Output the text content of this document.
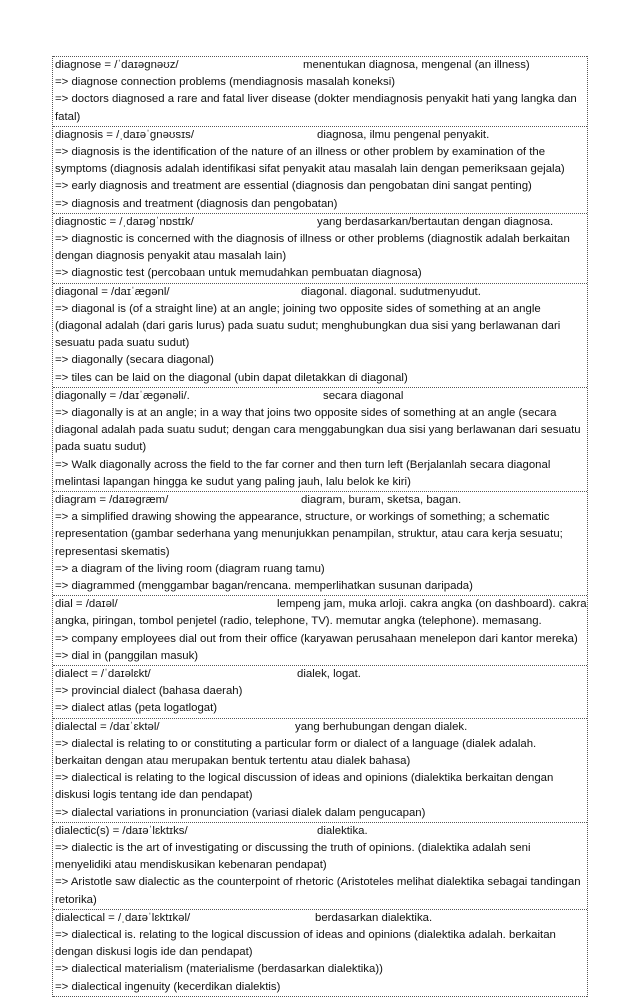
diagnose = /ˈdaɪəgnəʊz/	menentukan diagnosa, mengenal (an illness)
=> diagnose connection problems (mendiagnosis masalah koneksi)
=> doctors diagnosed a rare and fatal liver disease (dokter mendiagnosis penyakit hati yang langka dan fatal)
diagnosis = /ˌdaɪəˈgnəʊsɪs/	diagnosa, ilmu pengenal penyakit.
=> diagnosis is the identification of the nature of an illness or other problem by examination of the symptoms (diagnosis adalah identifikasi sifat penyakit atau masalah lain dengan pemeriksaan gejala)
=> early diagnosis and treatment are essential (diagnosis dan pengobatan dini sangat penting)
=> diagnosis and treatment (diagnosis dan pengobatan)
diagnostic = /ˌdaɪəgˈnɒstɪk/	yang berdasarkan/bertautan dengan diagnosa.
=> diagnostic is concerned with the diagnosis of illness or other problems (diagnostik adalah berkaitan dengan diagnosis penyakit atau masalah lain)
=> diagnostic test (percobaan untuk memudahkan pembuatan diagnosa)
diagonal = /daɪˈægənl/	diagonal. diagonal. sudutmenyudut.
=> diagonal is (of a straight line) at an angle; joining two opposite sides of something at an angle (diagonal adalah (dari garis lurus) pada suatu sudut; menghubungkan dua sisi yang berlawanan dari sesuatu pada suatu sudut)
=> diagonally (secara diagonal)
=> tiles can be laid on the diagonal (ubin dapat diletakkan di diagonal)
diagonally = /daɪˈægənəli/.	secara diagonal
=> diagonally is at an angle; in a way that joins two opposite sides of something at an angle (secara diagonal adalah pada suatu sudut; dengan cara menggabungkan dua sisi yang berlawanan dari sesuatu pada suatu sudut)
=> Walk diagonally across the field to the far corner and then turn left (Berjalanlah secara diagonal melintasi lapangan hingga ke sudut yang paling jauh, lalu belok ke kiri)
diagram = /daɪəgræm/	diagram, buram, sketsa, bagan.
=> a simplified drawing showing the appearance, structure, or workings of something; a schematic representation (gambar sederhana yang menunjukkan penampilan, struktur, atau cara kerja sesuatu; representasi skematis)
=> a diagram of the living room (diagram ruang tamu)
=> diagrammed (menggambar bagan/rencana. memperlihatkan susunan daripada)
dial = /daɪəl/	lempeng jam, muka arloji. cakra angka (on dashboard). cakra
angka, piringan, tombol penjetel (radio, telephone, TV). memutar angka (telephone). memasang.
=> company employees dial out from their office (karyawan perusahaan menelepon dari kantor mereka)
=> dial in (panggilan masuk)
dialect = /ˈdaɪəlɛkt/	dialek, logat.
=> provincial dialect (bahasa daerah)
=> dialect atlas (peta logatlogat)
dialectal = /daɪˈɛktəl/	yang berhubungan dengan dialek.
=> dialectal is relating to or constituting a particular form or dialect of a language (dialek adalah. berkaitan dengan atau merupakan bentuk tertentu atau dialek bahasa)
=> dialectical is relating to the logical discussion of ideas and opinions (dialektika berkaitan dengan diskusi logis tentang ide dan pendapat)
=> dialectal variations in pronunciation (variasi dialek dalam pengucapan)
dialectic(s) = /daɪəˈlɛktɪks/	dialektika.
=> dialectic is the art of investigating or discussing the truth of opinions. (dialektika adalah seni menyelidiki atau mendiskusikan kebenaran pendapat)
=> Aristotle saw dialectic as the counterpoint of rhetoric (Aristoteles melihat dialektika sebagai tandingan retorika)
dialectical = /ˌdaɪəˈlɛktɪkəl/	berdasarkan dialektika.
=> dialectical is. relating to the logical discussion of ideas and opinions (dialektika adalah. berkaitan dengan diskusi logis ide dan pendapat)
=> dialectical materialism (materialisme (berdasarkan dialektika))
=> dialectical ingenuity (kecerdikan dialektis)
